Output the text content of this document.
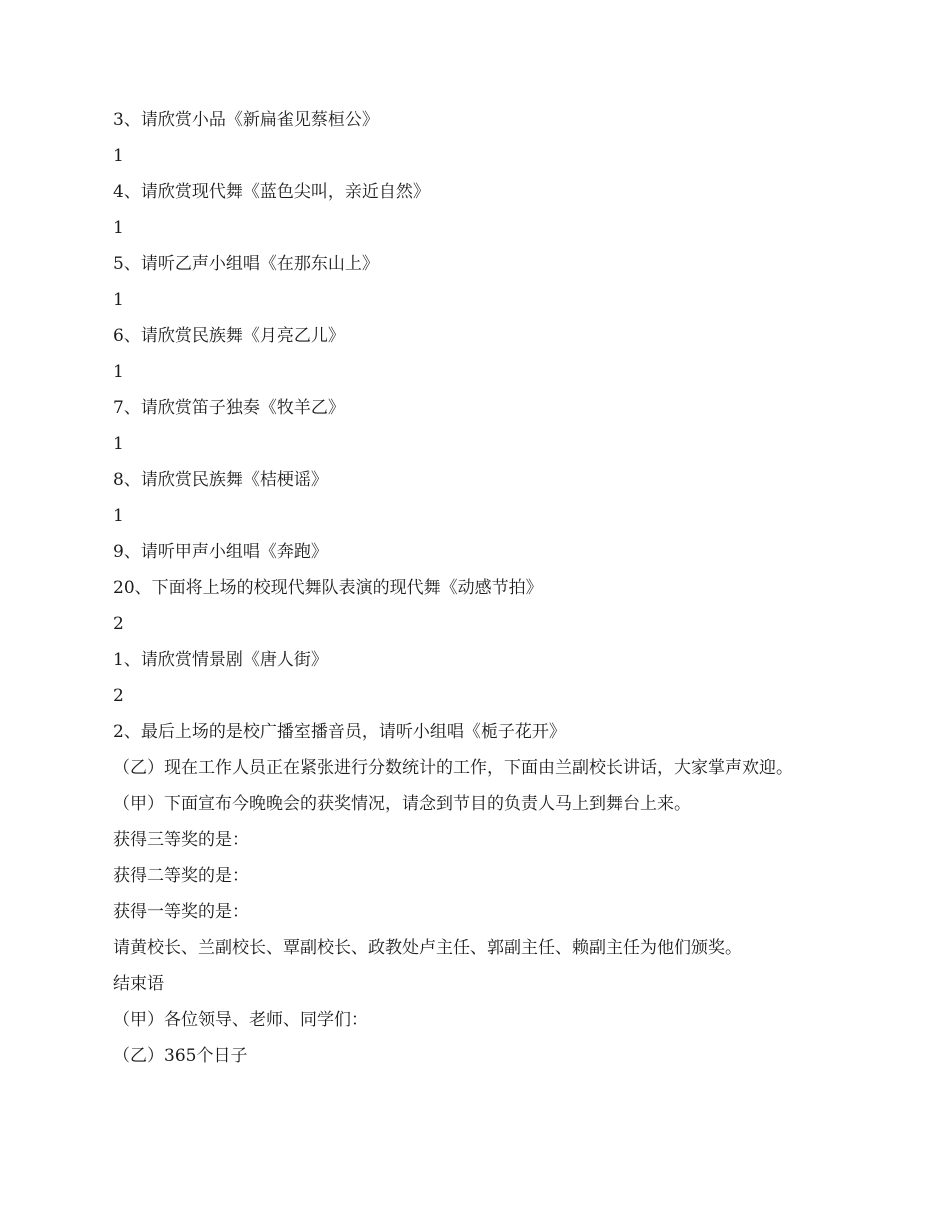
3、请欣赏小品《新扁雀见蔡桓公》

1

4、请欣赏现代舞《蓝色尖叫，亲近自然》

1

5、请听乙声小组唱《在那东山上》

1

6、请欣赏民族舞《月亮乙儿》

1

7、请欣赏笛子独奏《牧羊乙》

1

8、请欣赏民族舞《桔梗谣》

1

9、请听甲声小组唱《奔跑》

20、下面将上场的校现代舞队表演的现代舞《动感节拍》

2

1、请欣赏情景剧《唐人街》

2

2、最后上场的是校广播室播音员，请听小组唱《栀子花开》

（乙）现在工作人员正在紧张进行分数统计的工作，下面由兰副校长讲话，大家掌声欢迎。

（甲）下面宣布今晚晚会的获奖情况，请念到节目的负责人马上到舞台上来。

获得三等奖的是：

获得二等奖的是：

获得一等奖的是：

请黄校长、兰副校长、覃副校长、政教处卢主任、郭副主任、赖副主任为他们颁奖。

结束语

（甲）各位领导、老师、同学们：

（乙）365个日子
